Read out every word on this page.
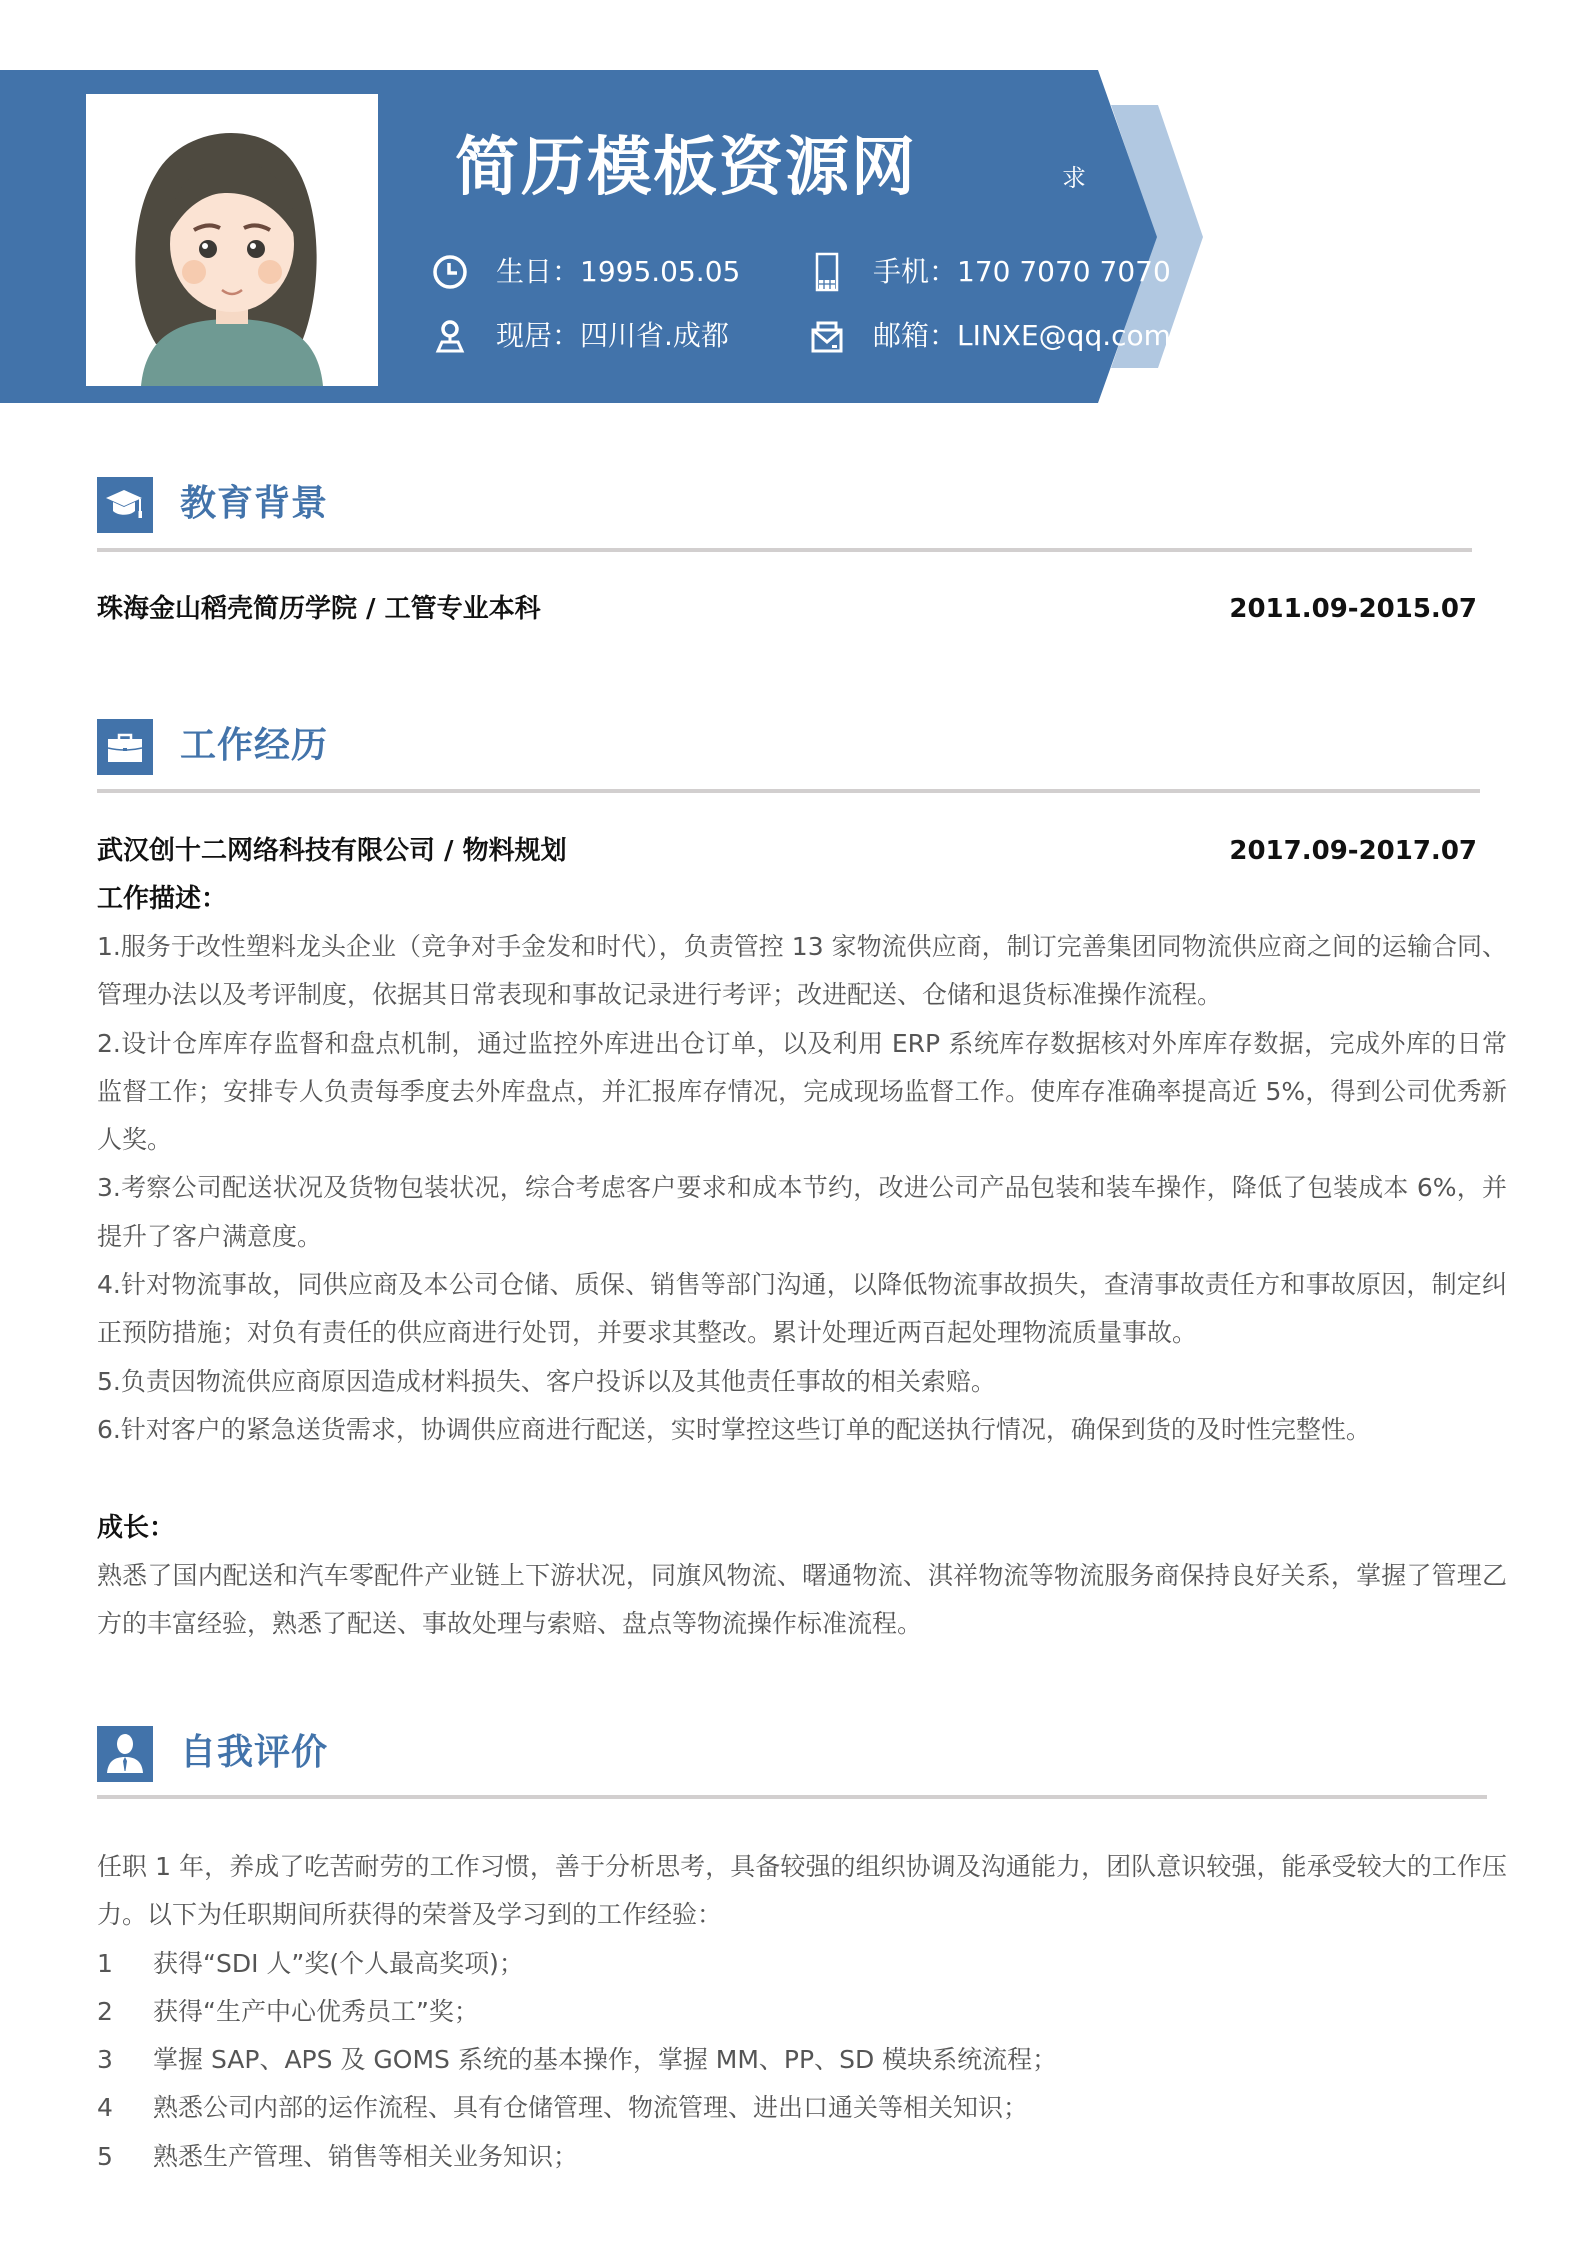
简历模板资源网	求
生日：1995.05.05
现居：四川省.成都
手机：170 7070 7070
邮箱：LINXE@qq.com
教育背景
珠海金山稻壳简历学院 / 工管专业本科	2011.09-2015.07
工作经历
武汉创十二网络科技有限公司 / 物料规划	2017.09-2017.07
工作描述：

1.服务于改性塑料龙头企业（竞争对手金发和时代），负责管控 13 家物流供应商，制订完善集团同物流供应商之间的运输合同、管理办法以及考评制度，依据其日常表现和事故记录进行考评；改进配送、仓储和退货标准操作流程。

2.设计仓库库存监督和盘点机制，通过监控外库进出仓订单，以及利用 ERP 系统库存数据核对外库库存数据，完成外库的日常监督工作；安排专人负责每季度去外库盘点，并汇报库存情况，完成现场监督工作。使库存准确率提高近 5%，得到公司优秀新人奖。

3.考察公司配送状况及货物包装状况，综合考虑客户要求和成本节约，改进公司产品包装和装车操作，降低了包装成本 6%，并提升了客户满意度。

4.针对物流事故，同供应商及本公司仓储、质保、销售等部门沟通，以降低物流事故损失，查清事故责任方和事故原因，制定纠正预防措施；对负有责任的供应商进行处罚，并要求其整改。累计处理近两百起处理物流质量事故。

5.负责因物流供应商原因造成材料损失、客户投诉以及其他责任事故的相关索赔。

6.针对客户的紧急送货需求，协调供应商进行配送，实时掌控这些订单的配送执行情况，确保到货的及时性完整性。

成长：

熟悉了国内配送和汽车零配件产业链上下游状况，同旗风物流、曙通物流、淇祥物流等物流服务商保持良好关系，掌握了管理乙方的丰富经验，熟悉了配送、事故处理与索赔、盘点等物流操作标准流程。

自我评价

任职 1 年，养成了吃苦耐劳的工作习惯，善于分析思考，具备较强的组织协调及沟通能力，团队意识较强，能承受较大的工作压力。以下为任职期间所获得的荣誉及学习到的工作经验：

1	获得“SDI 人”奖(个人最高奖项)；
2	获得“生产中心优秀员工”奖；
3	掌握 SAP、APS 及 GOMS 系统的基本操作，掌握 MM、PP、SD 模块系统流程；
4	熟悉公司内部的运作流程、具有仓储管理、物流管理、进出口通关等相关知识；
5	熟悉生产管理、销售等相关业务知识；
